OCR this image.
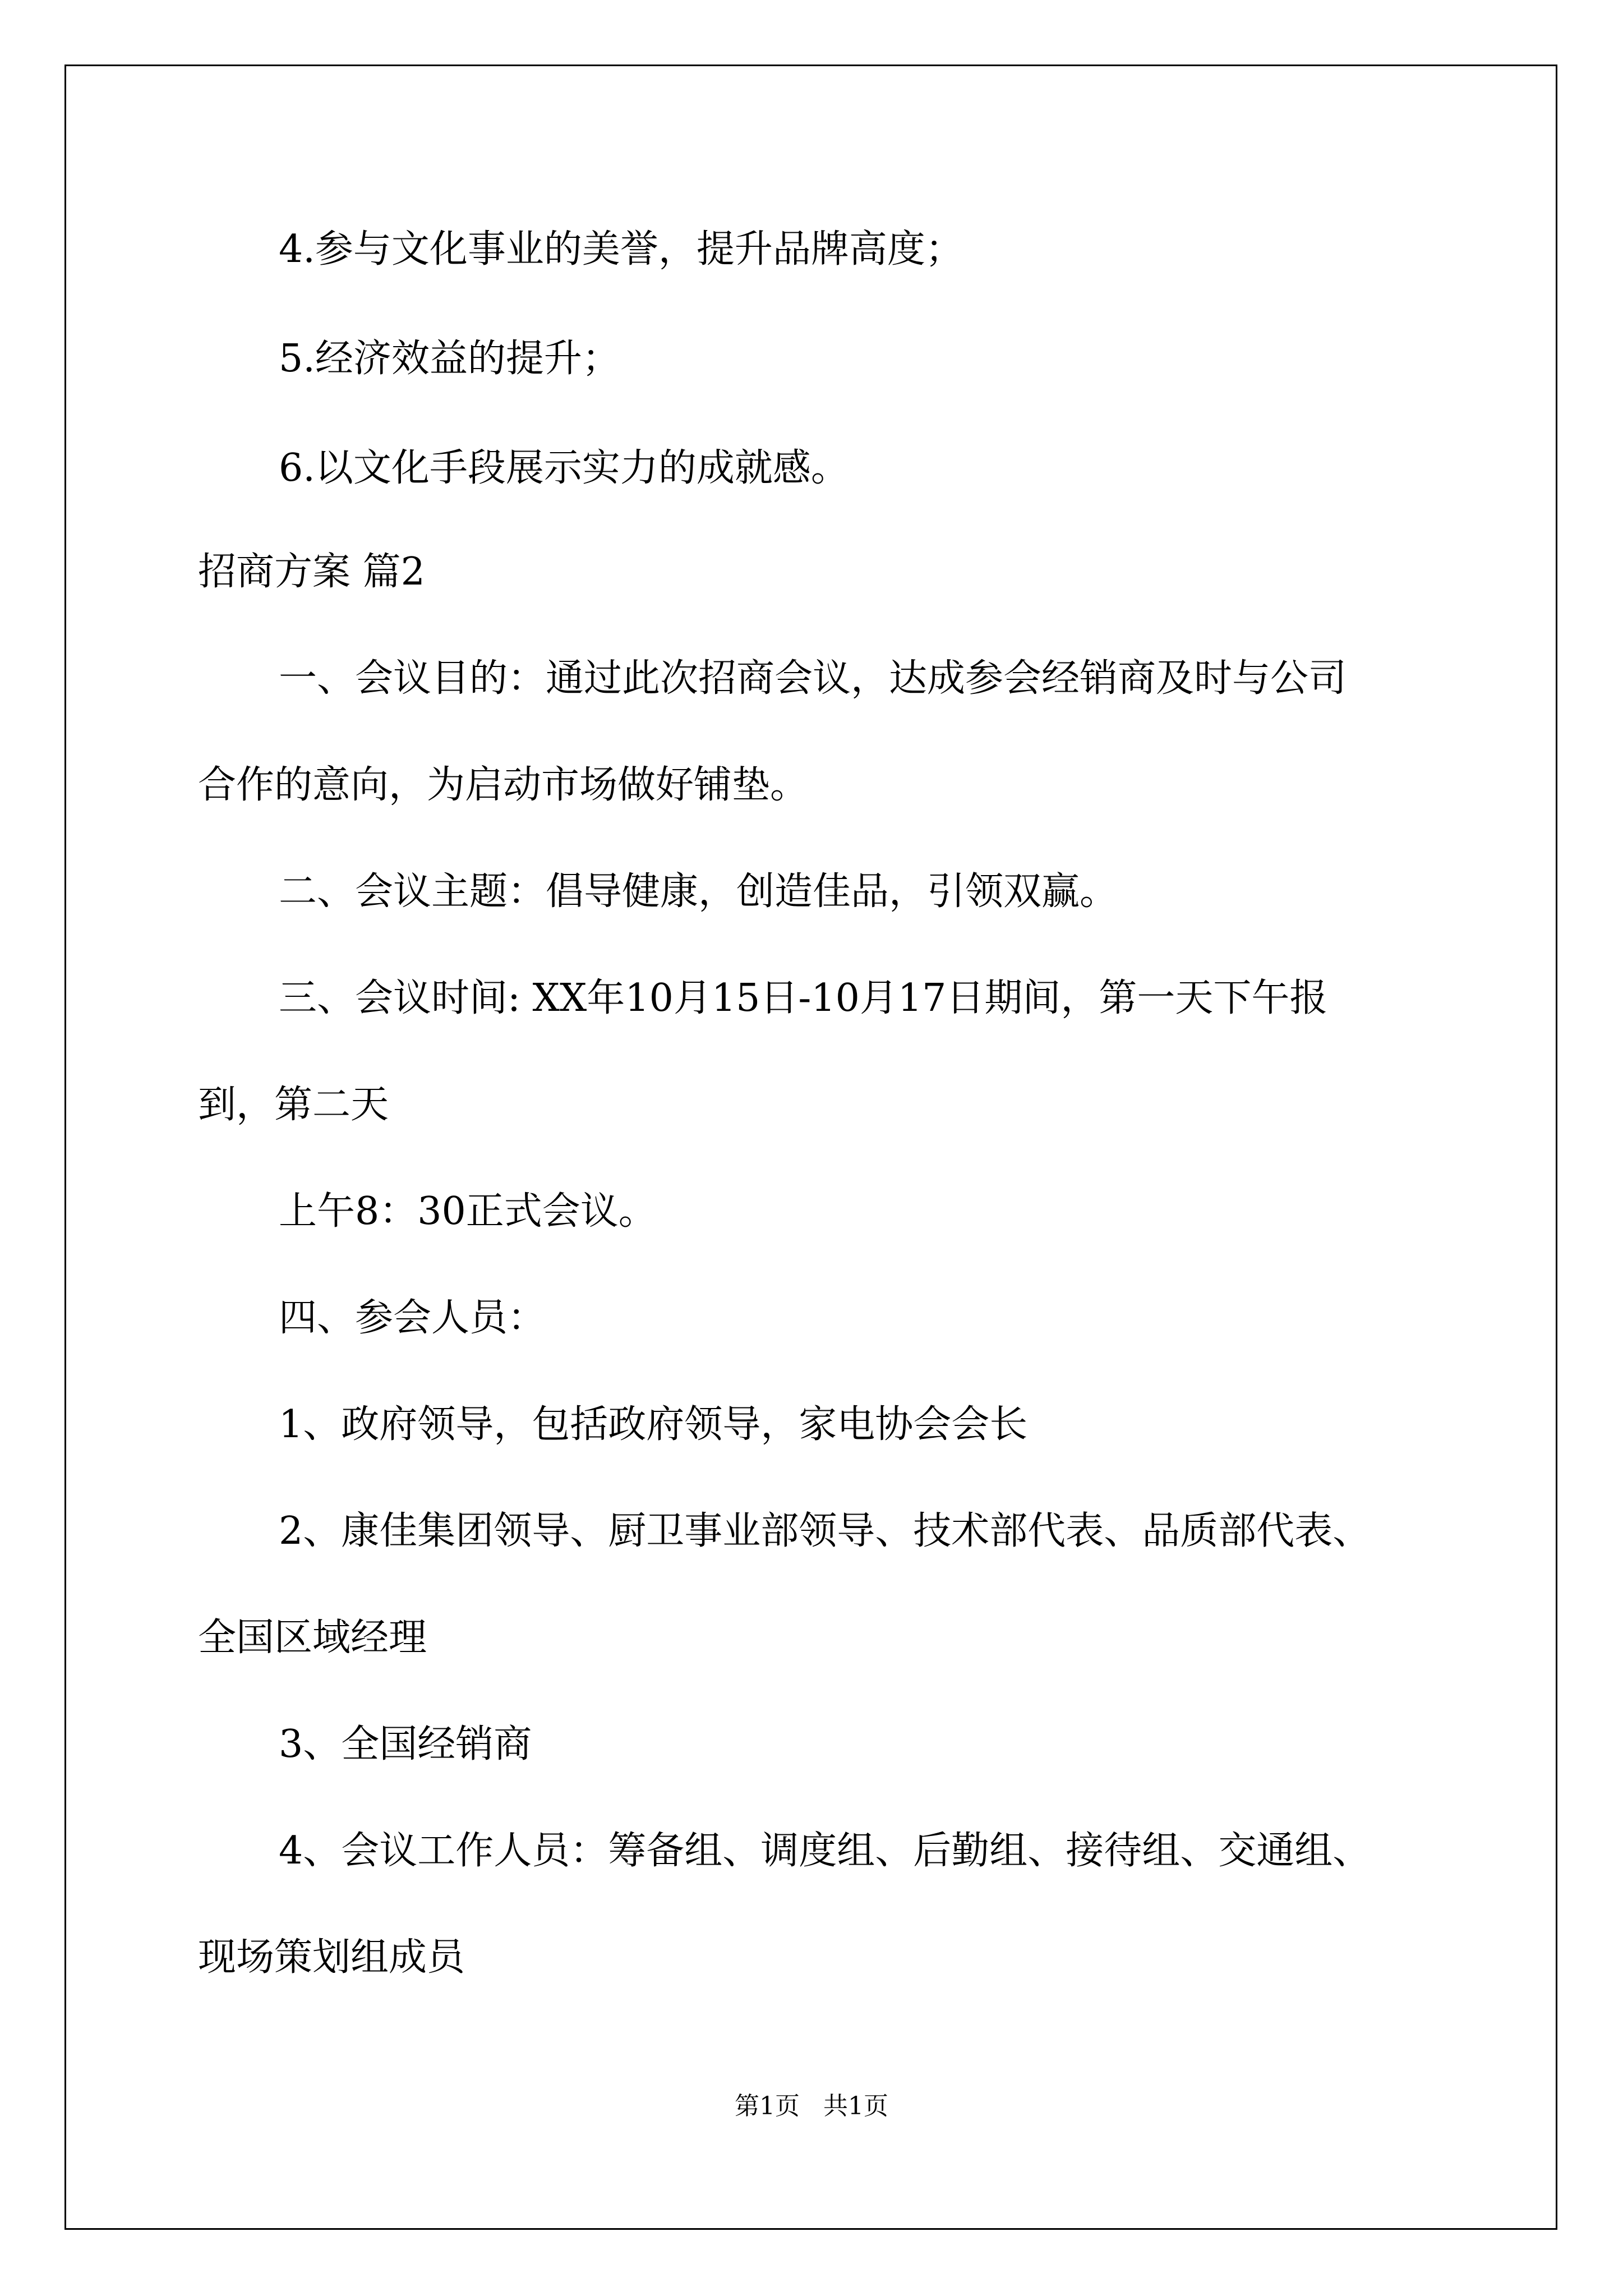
4.参与文化事业的美誉，提升品牌高度；
5.经济效益的提升；
6.以文化手段展示实力的成就感。
招商方案 篇2
一、会议目的：通过此次招商会议，达成参会经销商及时与公司
合作的意向，为启动市场做好铺垫。
二、会议主题：倡导健康，创造佳品，引领双赢。
三、会议时间: XX年10月15日-10月17日期间，第一天下午报
到，第二天
上午8：30正式会议。
四、参会人员：
1、政府领导，包括政府领导，家电协会会长
2、康佳集团领导、厨卫事业部领导、技术部代表、品质部代表、
全国区域经理
3、全国经销商
4、会议工作人员：筹备组、调度组、后勤组、接待组、交通组、
现场策划组成员
第1页   共1页
